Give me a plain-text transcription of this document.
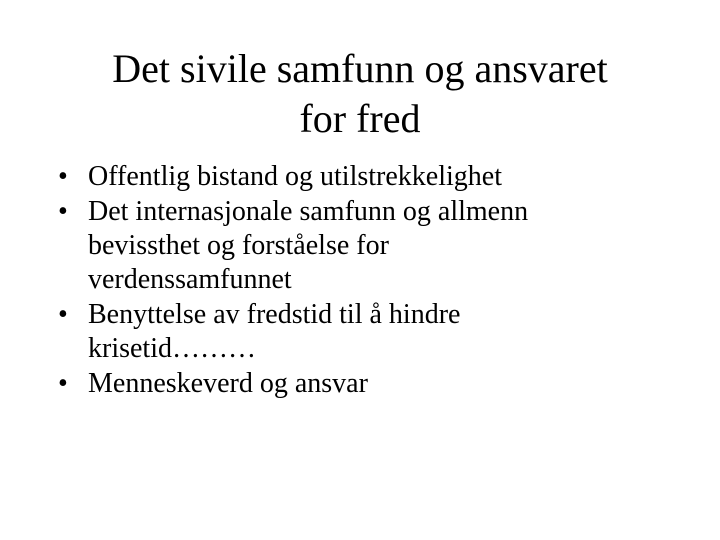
Det sivile samfunn og ansvaret
for fred
• Offentlig bistand og utilstrekkelighet
• Det internasjonale samfunn og allmenn
bevissthet og forståelse for
verdenssamfunnet
• Benyttelse av fredstid til å hindre
krisetid………
• Menneskeverd og ansvar
